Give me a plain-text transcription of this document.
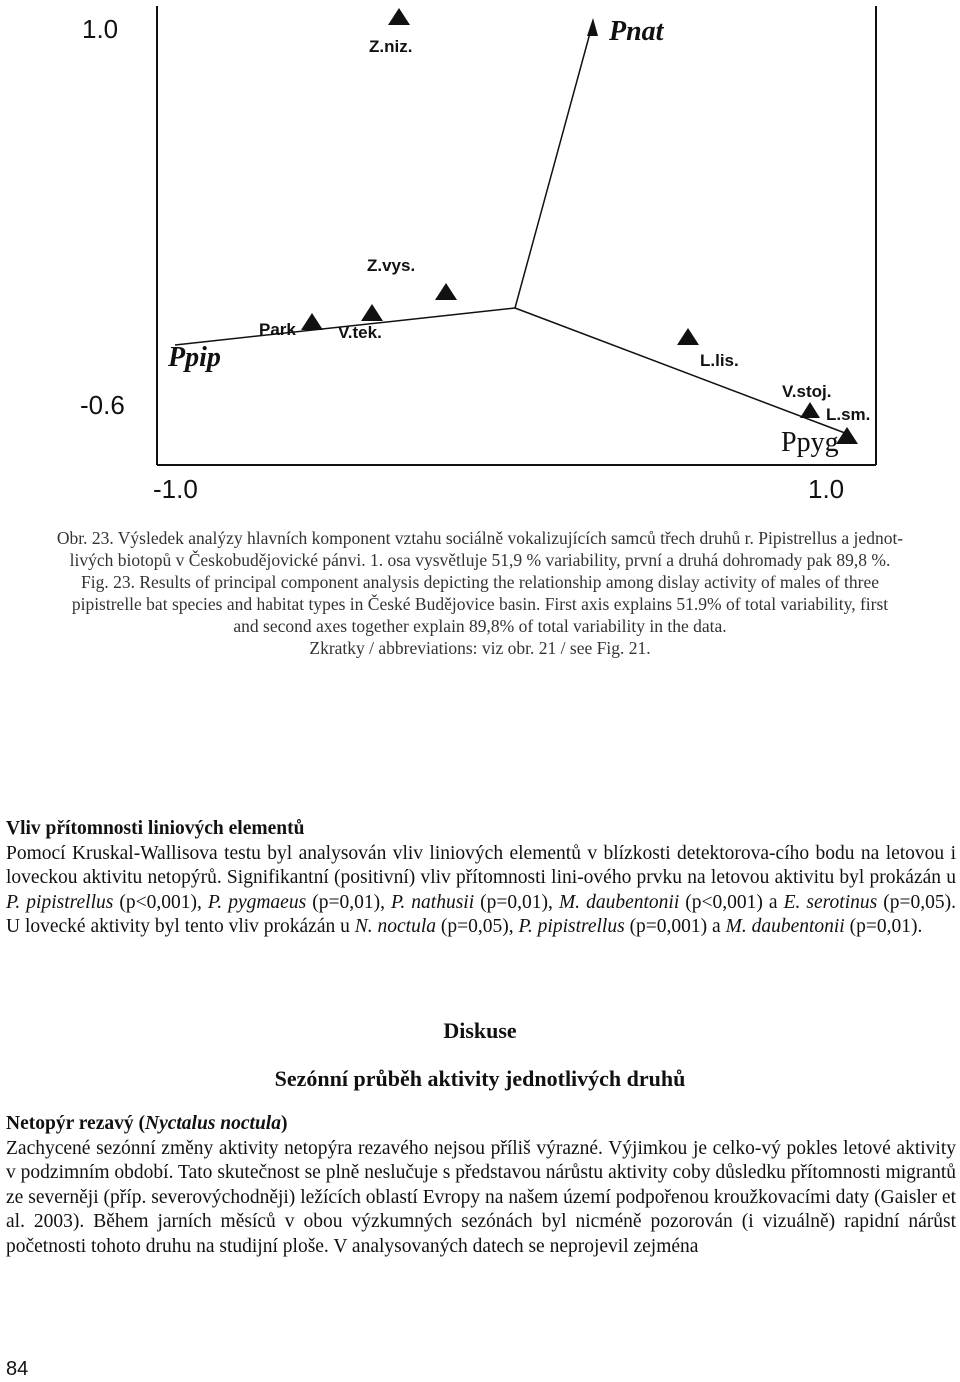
1.0
-0.6
-1.0	1.0
Pnat
Ppip
Ppyg
Z.niz.
Z.vys.
Park V.tek.
L.lis.
V.stoj.
L.sm.
Obr. 23. Výsledek analýzy hlavních komponent vztahu sociálně vokalizujících samců třech druhů r. Pipistrellus a jednot-
livých biotopů v Českobudějovické pánvi. 1. osa vysvětluje 51,9 % variability, první a druhá dohromady pak 89,8 %.
Fig. 23. Results of principal component analysis depicting the relationship among dislay activity of males of three
pipistrelle bat species and habitat types in České Budějovice basin. First axis explains 51.9% of total variability, first
and second axes together explain 89,8% of total variability in the data.
Zkratky / abbreviations: viz obr. 21 / see Fig. 21.
Vliv přítomnosti liniových elementů
Pomocí Kruskal-Wallisova testu byl analysován vliv liniových elementů v blízkosti detektorova-cího bodu na letovou i loveckou aktivitu netopýrů. Signifikantní (positivní) vliv přítomnosti lini-ového prvku na letovou aktivitu byl prokázán u P. pipistrellus (p<0,001), P. pygmaeus (p=0,01), P. nathusii (p=0,01), M. daubentonii (p<0,001) a E. serotinus (p=0,05). U lovecké aktivity byl tento vliv prokázán u N. noctula (p=0,05), P. pipistrellus (p=0,001) a M. daubentonii (p=0,01).
Diskuse
Sezónní průběh aktivity jednotlivých druhů
Netopýr rezavý (Nyctalus noctula)
Zachycené sezónní změny aktivity netopýra rezavého nejsou příliš výrazné. Výjimkou je celko-vý pokles letové aktivity v podzimním období. Tato skutečnost se plně neslučuje s představou nárůstu aktivity coby důsledku přítomnosti migrantů ze severněji (příp. severovýchodněji) ležících oblastí Evropy na našem území podpořenou kroužkovacími daty (Gaisler et al. 2003). Během jarních měsíců v obou výzkumných sezónách byl nicméně pozorován (i vizuálně) rapidní nárůst početnosti tohoto druhu na studijní ploše. V analysovaných datech se neprojevil zejména
84
